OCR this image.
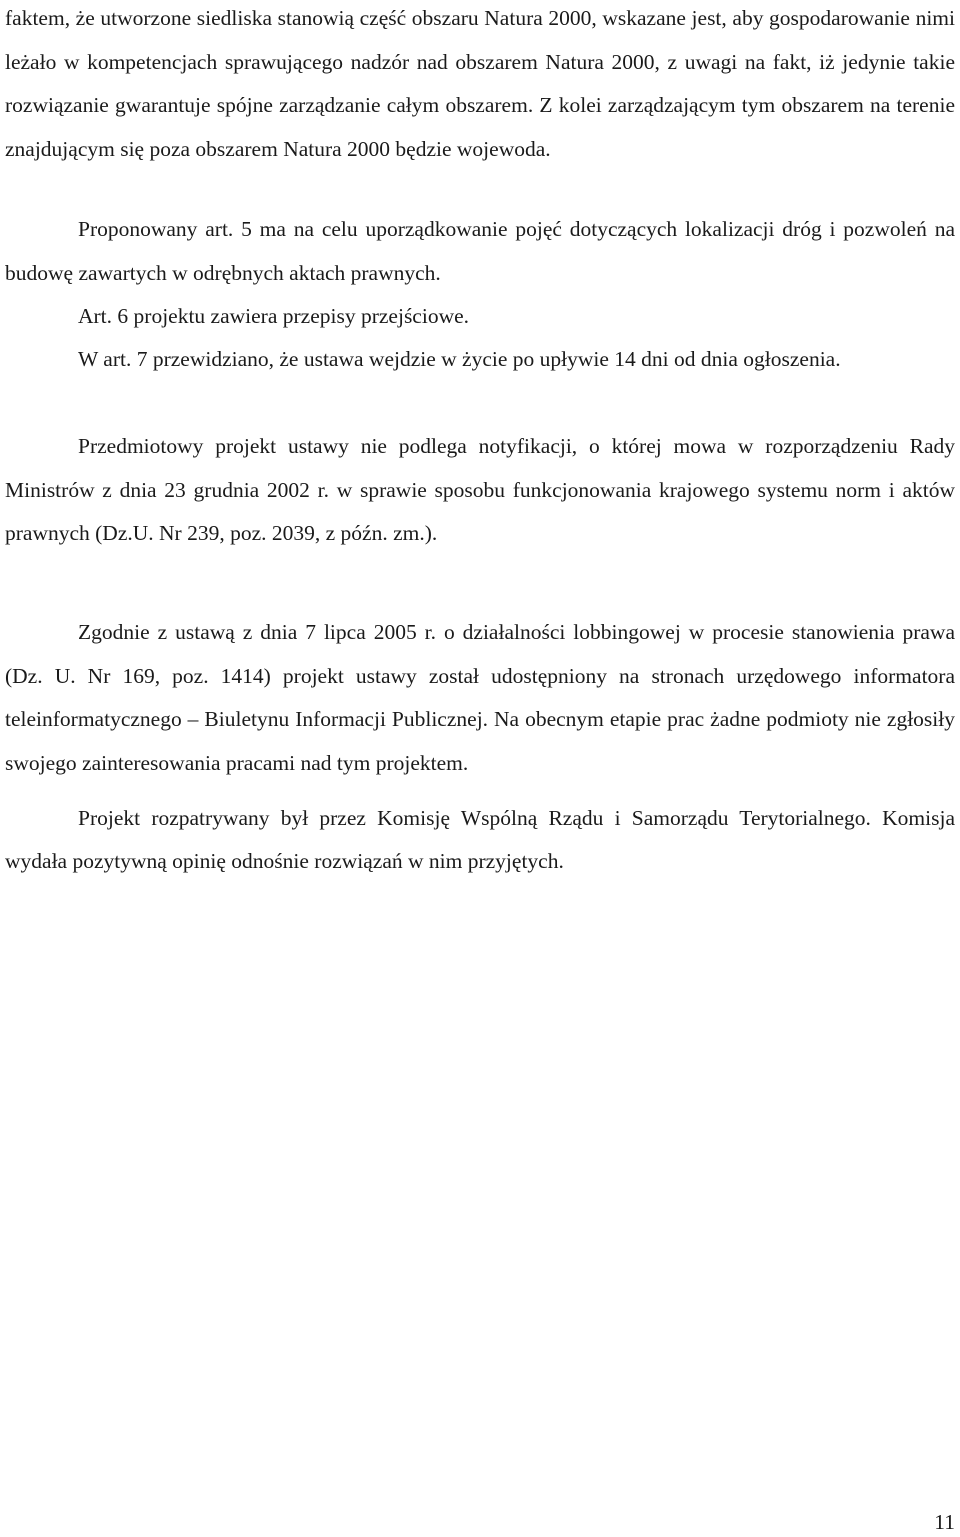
faktem, że utworzone siedliska stanowią część obszaru Natura 2000, wskazane jest, aby gospodarowanie nimi leżało w kompetencjach sprawującego nadzór nad obszarem Natura 2000, z uwagi na fakt, iż jedynie takie rozwiązanie gwarantuje spójne zarządzanie całym obszarem. Z kolei zarządzającym tym obszarem na terenie znajdującym się poza obszarem Natura 2000 będzie wojewoda.

Proponowany art. 5 ma na celu uporządkowanie pojęć dotyczących lokalizacji dróg i pozwoleń na budowę zawartych w odrębnych aktach prawnych.

Art. 6 projektu zawiera przepisy przejściowe.

W art. 7 przewidziano, że ustawa wejdzie w życie po upływie 14 dni od dnia ogłoszenia.

Przedmiotowy projekt ustawy nie podlega notyfikacji, o której mowa w rozporządzeniu Rady Ministrów z dnia 23 grudnia 2002 r. w sprawie sposobu funkcjonowania krajowego systemu norm i aktów prawnych (Dz.U. Nr 239, poz. 2039, z późn. zm.).

Zgodnie z ustawą z dnia 7 lipca 2005 r. o działalności lobbingowej w procesie stanowienia prawa (Dz. U. Nr 169, poz. 1414) projekt ustawy został udostępniony na stronach urzędowego informatora teleinformatycznego – Biuletynu Informacji Publicznej. Na obecnym etapie prac żadne podmioty nie zgłosiły swojego zainteresowania pracami nad tym projektem.

Projekt rozpatrywany był przez Komisję Wspólną Rządu i Samorządu Terytorialnego. Komisja wydała pozytywną opinię odnośnie rozwiązań w nim przyjętych.

11
